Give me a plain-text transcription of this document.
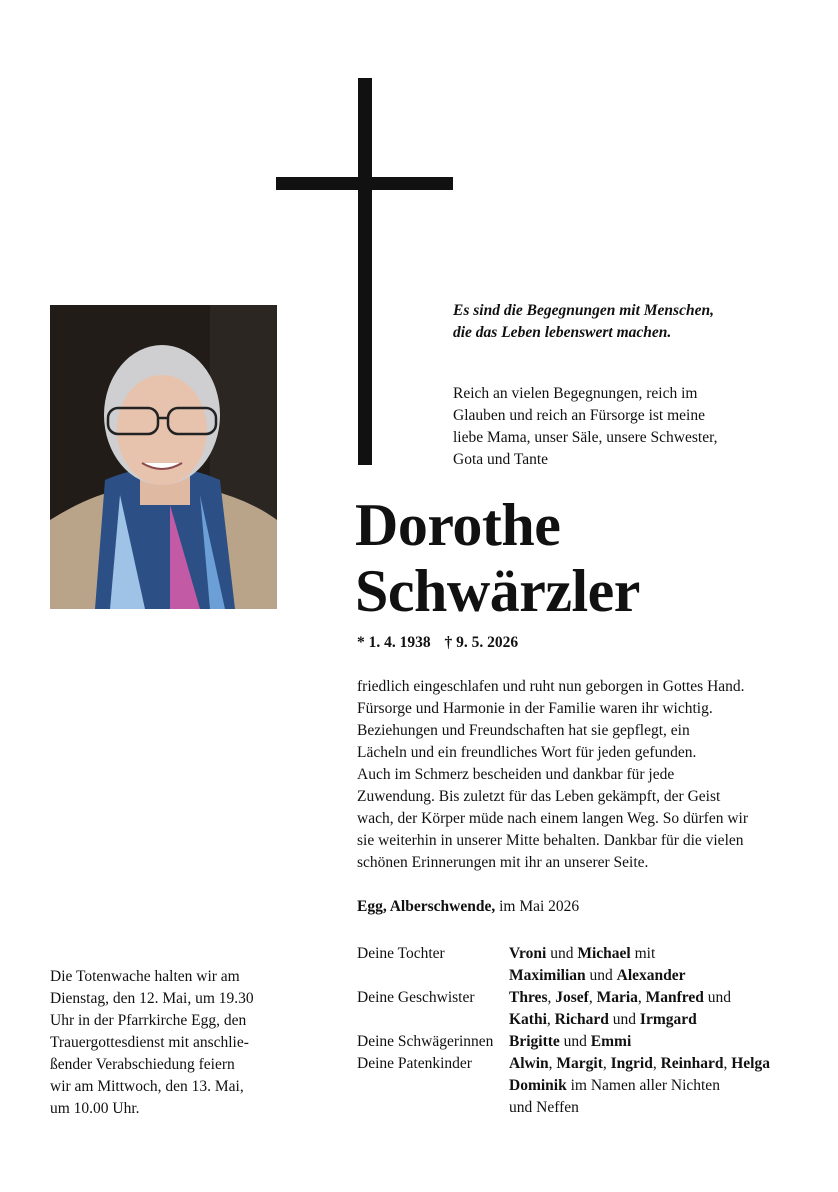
Es sind die Begegnungen mit Menschen,
die das Leben lebenswert machen.
Reich an vielen Begegnungen, reich im
Glauben und reich an Fürsorge ist meine
liebe Mama, unser Säle, unsere Schwester,
Gota und Tante
Dorothe
Schwärzler
* 1. 4. 1938 † 9. 5. 2026
friedlich eingeschlafen und ruht nun geborgen in Gottes Hand.
Fürsorge und Harmonie in der Familie waren ihr wichtig.
Beziehungen und Freundschaften hat sie gepflegt, ein
Lächeln und ein freundliches Wort für jeden gefunden.
Auch im Schmerz bescheiden und dankbar für jede
Zuwendung. Bis zuletzt für das Leben gekämpft, der Geist
wach, der Körper müde nach einem langen Weg. So dürfen wir
sie weiterhin in unserer Mitte behalten. Dankbar für die vielen
schönen Erinnerungen mit ihr an unserer Seite.
Egg, Alberschwende, im Mai 2026
Deine Tochter	Vroni und Michael mit
Maximilian und Alexander
Deine Geschwister	Thres, Josef, Maria, Manfred und
Kathi, Richard und Irmgard
Deine Schwägerinnen	Brigitte und Emmi
Deine Patenkinder	Alwin, Margit, Ingrid, Reinhard, Helga
Dominik im Namen aller Nichten
und Neffen
Die Totenwache halten wir am
Dienstag, den 12. Mai, um 19.30
Uhr in der Pfarrkirche Egg, den
Trauergottesdienst mit anschlie-
ßender Verabschiedung feiern
wir am Mittwoch, den 13. Mai,
um 10.00 Uhr.
